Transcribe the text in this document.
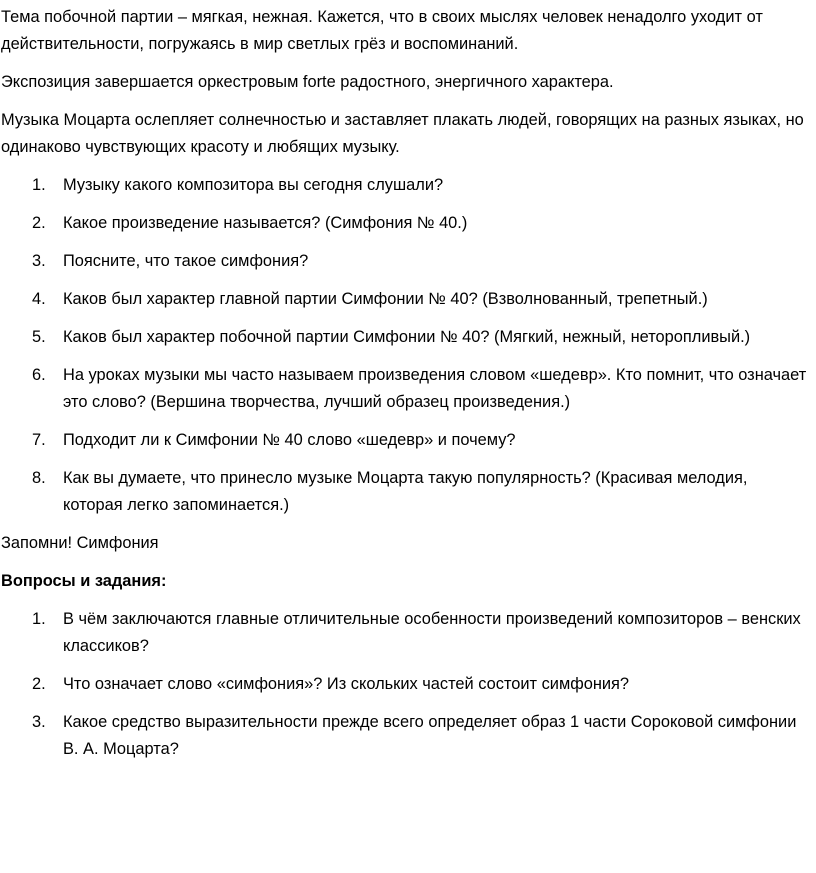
Тема побочной партии – мягкая, нежная. Кажется, что в своих мыслях человек ненадолго уходит от действительности, погружаясь в мир светлых грёз и воспоминаний.

Экспозиция завершается оркестровым forte радостного, энергичного характера.

Музыка Моцарта ослепляет солнечностью и заставляет плакать людей, говорящих на разных языках, но одинаково чувствующих красоту и любящих музыку.

1. Музыку какого композитора вы сегодня слушали?
2. Какое произведение называется? (Симфония № 40.)
3. Поясните, что такое симфония?
4. Каков был характер главной партии Симфонии № 40? (Взволнованный, трепетный.)
5. Каков был характер побочной партии Симфонии № 40? (Мягкий, нежный, неторопливый.)
6. На уроках музыки мы часто называем произведения словом «шедевр». Кто помнит, что означает это слово? (Вершина творчества, лучший образец произведения.)
7. Подходит ли к Симфонии № 40 слово «шедевр» и почему?
8. Как вы думаете, что принесло музыке Моцарта такую популярность? (Красивая мелодия, которая легко запоминается.)

Запомни! Симфония

Вопросы и задания:

1. В чём заключаются главные отличительные особенности произведений композиторов – венских классиков?
2. Что означает слово «симфония»? Из скольких частей состоит симфония?
3. Какое средство выразительности прежде всего определяет образ 1 части Сороковой симфонии В. А. Моцарта?
